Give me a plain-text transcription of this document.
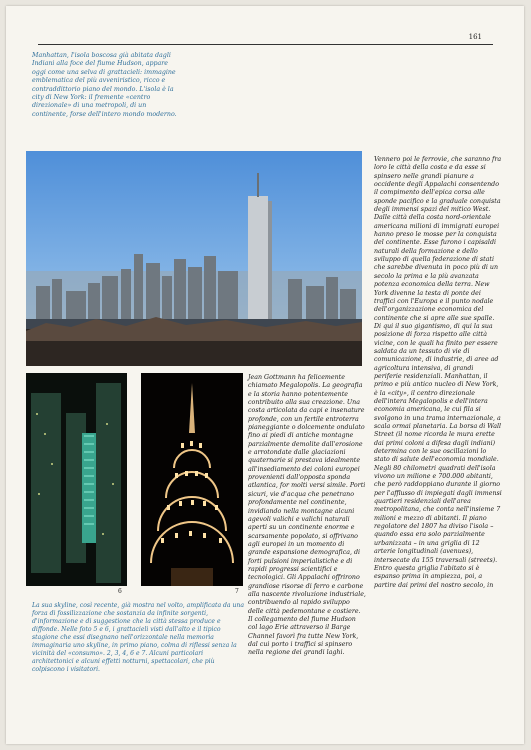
161

Manhattan, l'isola boscosa già abitata dagli Indiani alla foce del fiume Hudson, appare oggi come una selva di grattacieli: immagine emblematica del più avveniristico, ricco e contraddittorio piano del mondo. L'isola è la city di New York: il fremente «centro direzionale» di una metropoli, di un continente, forse dell'intero mondo moderno.

6	7

Jean Gottmann ha felicemente chiamato Megalopolis. La geografia e la storia hanno potentemente contribuito alla sua creazione. Una costa articolata da capi e insenature profonde, con un fertile entroterra pianeggiante o dolcemente ondulato fino ai piedi di antiche montagne parzialmente demolite dall'erosione e arrotondate dalle glaciazioni quaternarie si prestava idealmente all'insediamento dei coloni europei provenienti dall'opposta sponda atlantica, for molti versi simile. Porti sicuri, vie d'acqua che penetrano profondamente nel continente, invidiando nella montagne alcuni agevoli valichi e valichi naturali aperti su un continente enorme e scarsamente popolato, si offrivano agli europei in un momento di grande espansione demografica, di forti pulsioni imperialistiche e di rapidi progressi scientifici e tecnologici. Gli Appalachi offrirono grandiose risorse di ferro e carbone alla nascente rivoluzione industriale, contribuendo al rapido sviluppo delle città pedemontane e costiere. Il collegamento del fiume Hudson col lago Erie attraverso il Barge Channel favorì fra tutte New York, dal cui porto i traffici si spinsero nella regione dei grandi laghi.

Vennero poi le ferrovie, che saranno fra loro le città della costa e da esse si spinsero nelle grandi pianure a occidente degli Appalachi consentendo il compimento dell'epica corsa alle sponde pacifico e la graduale conquista degli immensi spazi del mitico West. Dalle città della costa nord-orientale americana milioni di immigrati europei hanno preso le mosse per la conquista del continente. Esse furono i capisaldi naturali della formazione e dello sviluppo di quella federazione di stati che sarebbe divenuta in poco più di un secolo la prima e la più avanzata potenza economica della terra. New York divenne la testa di ponte dei traffici con l'Europa e il punto nodale dell'organizzazione economica del continente che si apre alle sue spalle. Di qui il suo gigantismo, di qui la sua posizione di forza rispetto alle città vicine, con le quali ha finito per essere saldata da un tessuto di vie di comunicazione, di industrie, di aree ad agricoltura intensiva, di grandi periferie residenziali. Manhattan, il primo e più antico nucleo di New York, è la «city», il centro direzionale dell'intera Megalopolis e dell'intera economia americana, le cui fila si svolgono in una trama internazionale, a scala ormai planetaria. La borsa di Wall Street (il nome ricorda le mura erette dai primi coloni a difesa dagli indiani) determina con le sue oscillazioni lo stato di salute dell'economia mondiale. Negli 80 chilometri quadrati dell'isola vivono un milione e 700.000 abitanti, che però raddoppiano durante il giorno per l'afflusso di impiegati dagli immensi quartieri residenziali dell'area metropolitana, che conta nell'insieme 7 milioni e mezzo di abitanti. Il piano regolatore del 1807 ha diviso l'isola – quando essa era solo parzialmente urbanizzata – in una griglia di 12 arterie longitudinali (avenues), intersecate da 155 traversali (streets). Entro questa griglia l'abitato si è espanso prima in ampiezza, poi, a partire dai primi del nostro secolo, in

La sua skyline, così recente, già mostra nel volto, amplificata da una forza di fossilizzazione che sostanzia da infinite sorgenti, d'informazione e di suggestione che la città stessa produce e diffonde. Nelle foto 5 e 6, i grattacieli visti dall'alto e il tipico stagione che essi disegnano nell'orizzontale nella memoria immaginaria uno skyline, in primo piano, colma di riflessi senza la vicinità del «consumo». 2, 3, 4, 6 e 7. Alcuni particolari architettonici e alcuni effetti notturni, spettacolari, che più colpiscono i visitatori.
